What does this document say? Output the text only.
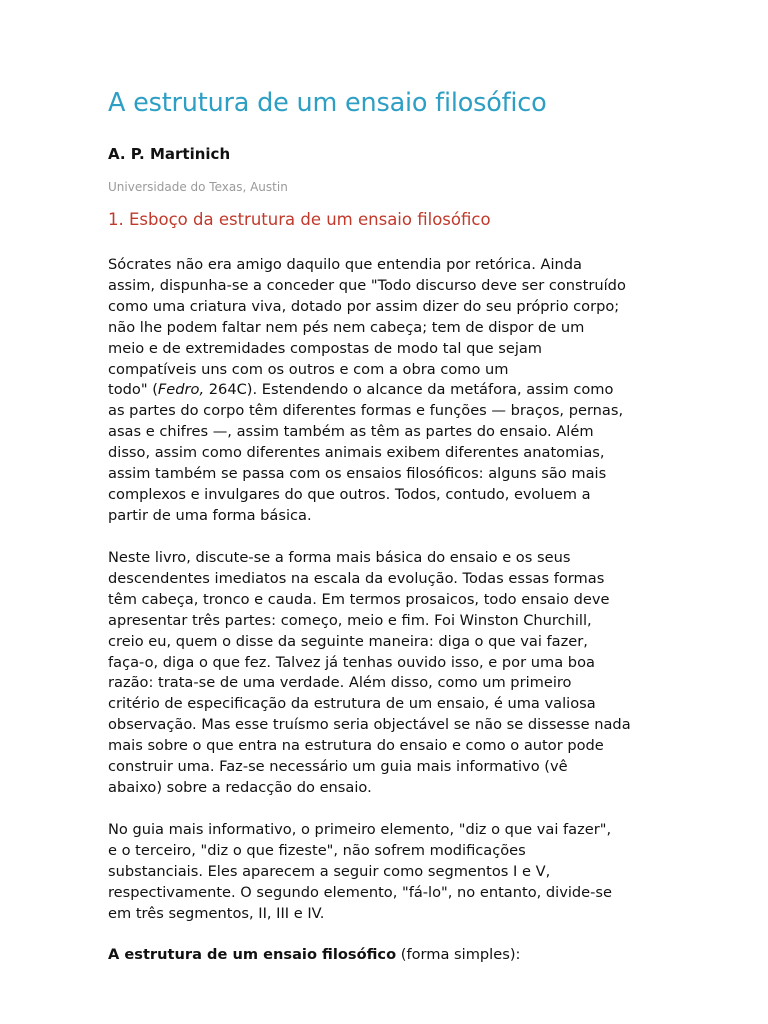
A estrutura de um ensaio filosófico

A. P. Martinich

Universidade do Texas, Austin

1. Esboço da estrutura de um ensaio filosófico
Sócrates não era amigo daquilo que entendia por retórica. Ainda
assim, dispunha-se a conceder que "Todo discurso deve ser construído
como uma criatura viva, dotado por assim dizer do seu próprio corpo;
não lhe podem faltar nem pés nem cabeça; tem de dispor de um
meio e de extremidades compostas de modo tal que sejam
compatíveis uns com os outros e com a obra como um
todo" (Fedro, 264C). Estendendo o alcance da metáfora, assim como
as partes do corpo têm diferentes formas e funções — braços, pernas,
asas e chifres —, assim também as têm as partes do ensaio. Além
disso, assim como diferentes animais exibem diferentes anatomias,
assim também se passa com os ensaios filosóficos: alguns são mais
complexos e invulgares do que outros. Todos, contudo, evoluem a
partir de uma forma básica.
Neste livro, discute-se a forma mais básica do ensaio e os seus
descendentes imediatos na escala da evolução. Todas essas formas
têm cabeça, tronco e cauda. Em termos prosaicos, todo ensaio deve
apresentar três partes: começo, meio e fim. Foi Winston Churchill,
creio eu, quem o disse da seguinte maneira: diga o que vai fazer,
faça-o, diga o que fez. Talvez já tenhas ouvido isso, e por uma boa
razão: trata-se de uma verdade. Além disso, como um primeiro
critério de especificação da estrutura de um ensaio, é uma valiosa
observação. Mas esse truísmo seria objectável se não se dissesse nada
mais sobre o que entra na estrutura do ensaio e como o autor pode
construir uma. Faz-se necessário um guia mais informativo (vê
abaixo) sobre a redacção do ensaio.
No guia mais informativo, o primeiro elemento, "diz o que vai fazer",
e o terceiro, "diz o que fizeste", não sofrem modificações
substanciais. Eles aparecem a seguir como segmentos I e V,
respectivamente. O segundo elemento, "fá-lo", no entanto, divide-se
em três segmentos, II, III e IV.

A estrutura de um ensaio filosófico (forma simples):
